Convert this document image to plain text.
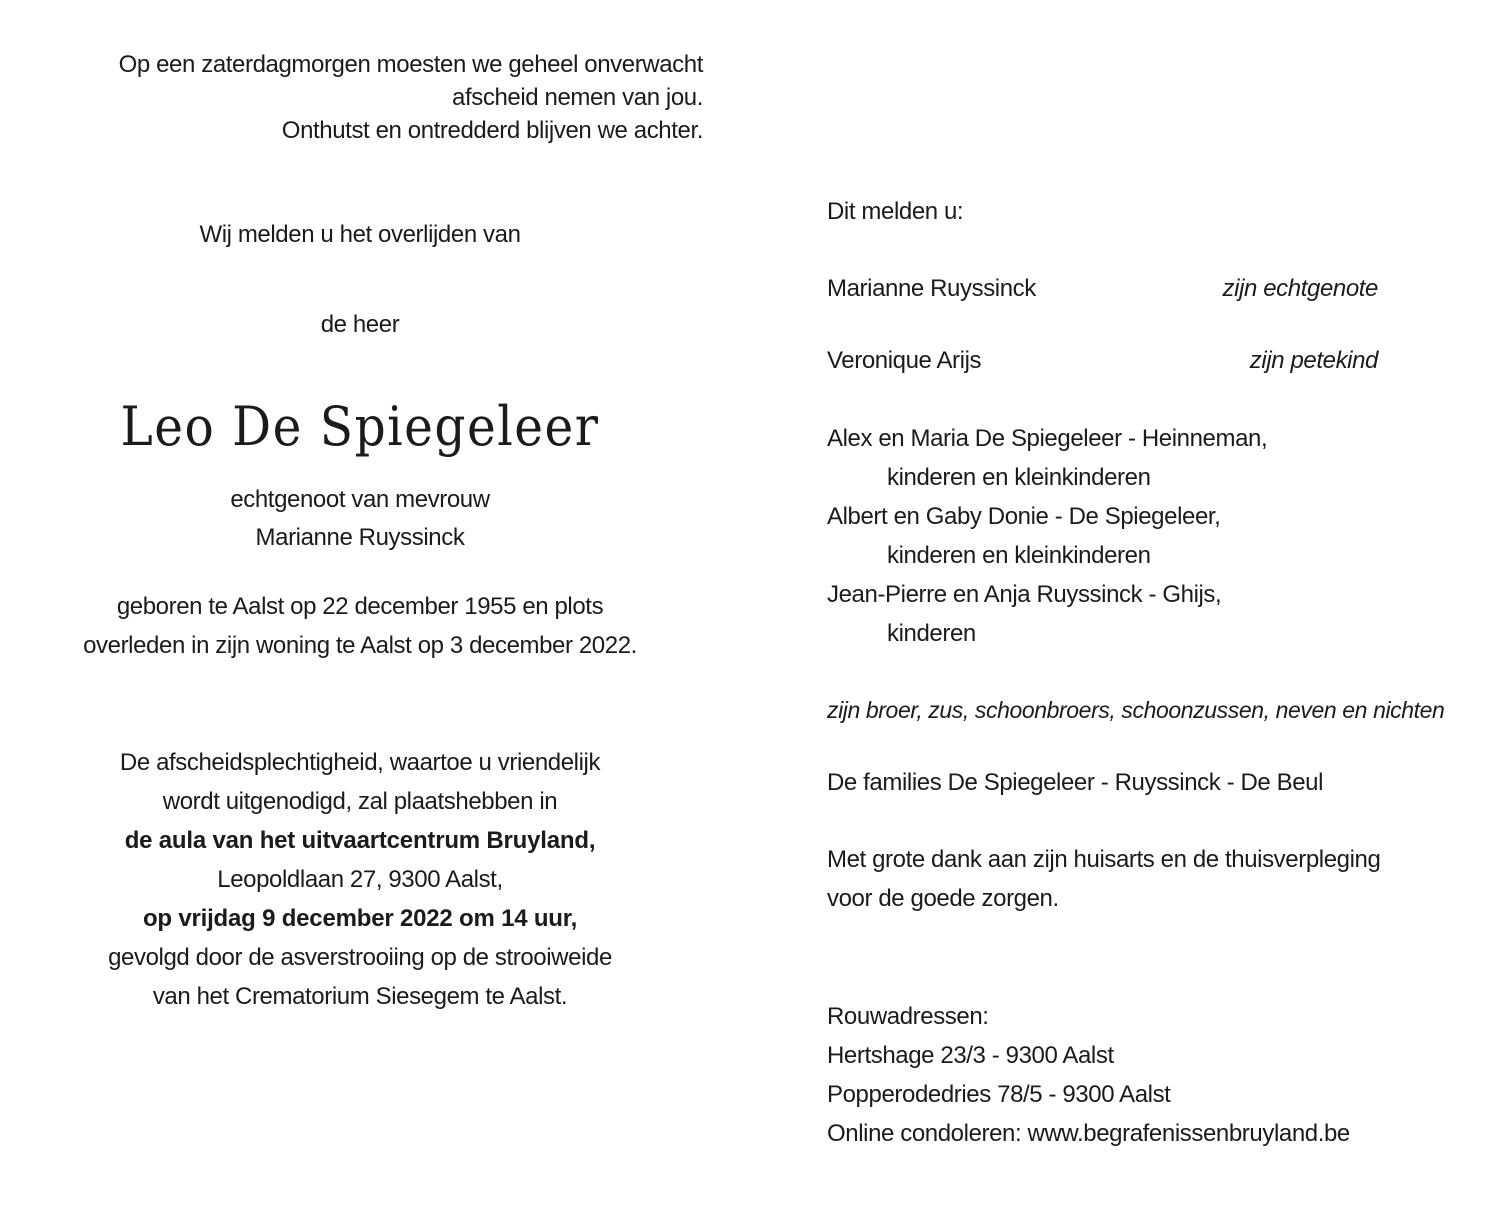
Op een zaterdagmorgen moesten we geheel onverwacht
afscheid nemen van jou.
Onthutst en ontredderd blijven we achter.
Wij melden u het overlijden van
de heer
Leo De Spiegeleer
echtgenoot van mevrouw
Marianne Ruyssinck
geboren te Aalst op 22 december 1955 en plots
overleden in zijn woning te Aalst op 3 december 2022.
De afscheidsplechtigheid, waartoe u vriendelijk
wordt uitgenodigd, zal plaatshebben in
de aula van het uitvaartcentrum Bruyland,
Leopoldlaan 27, 9300 Aalst,
op vrijdag 9 december 2022 om 14 uur,
gevolgd door de asverstrooiing op de strooiweide
van het Crematorium Siesegem te Aalst.
Dit melden u:
Marianne Ruyssinck	zijn echtgenote
Veronique Arijs	zijn petekind
Alex en Maria De Spiegeleer - Heinneman,
kinderen en kleinkinderen
Albert en Gaby Donie - De Spiegeleer,
kinderen en kleinkinderen
Jean-Pierre en Anja Ruyssinck - Ghijs,
kinderen
zijn broer, zus, schoonbroers, schoonzussen, neven en nichten
De families De Spiegeleer - Ruyssinck - De Beul
Met grote dank aan zijn huisarts en de thuisverpleging
voor de goede zorgen.
Rouwadressen:
Hertshage 23/3 - 9300 Aalst
Popperodedries 78/5 - 9300 Aalst
Online condoleren: www.begrafenissenbruyland.be
